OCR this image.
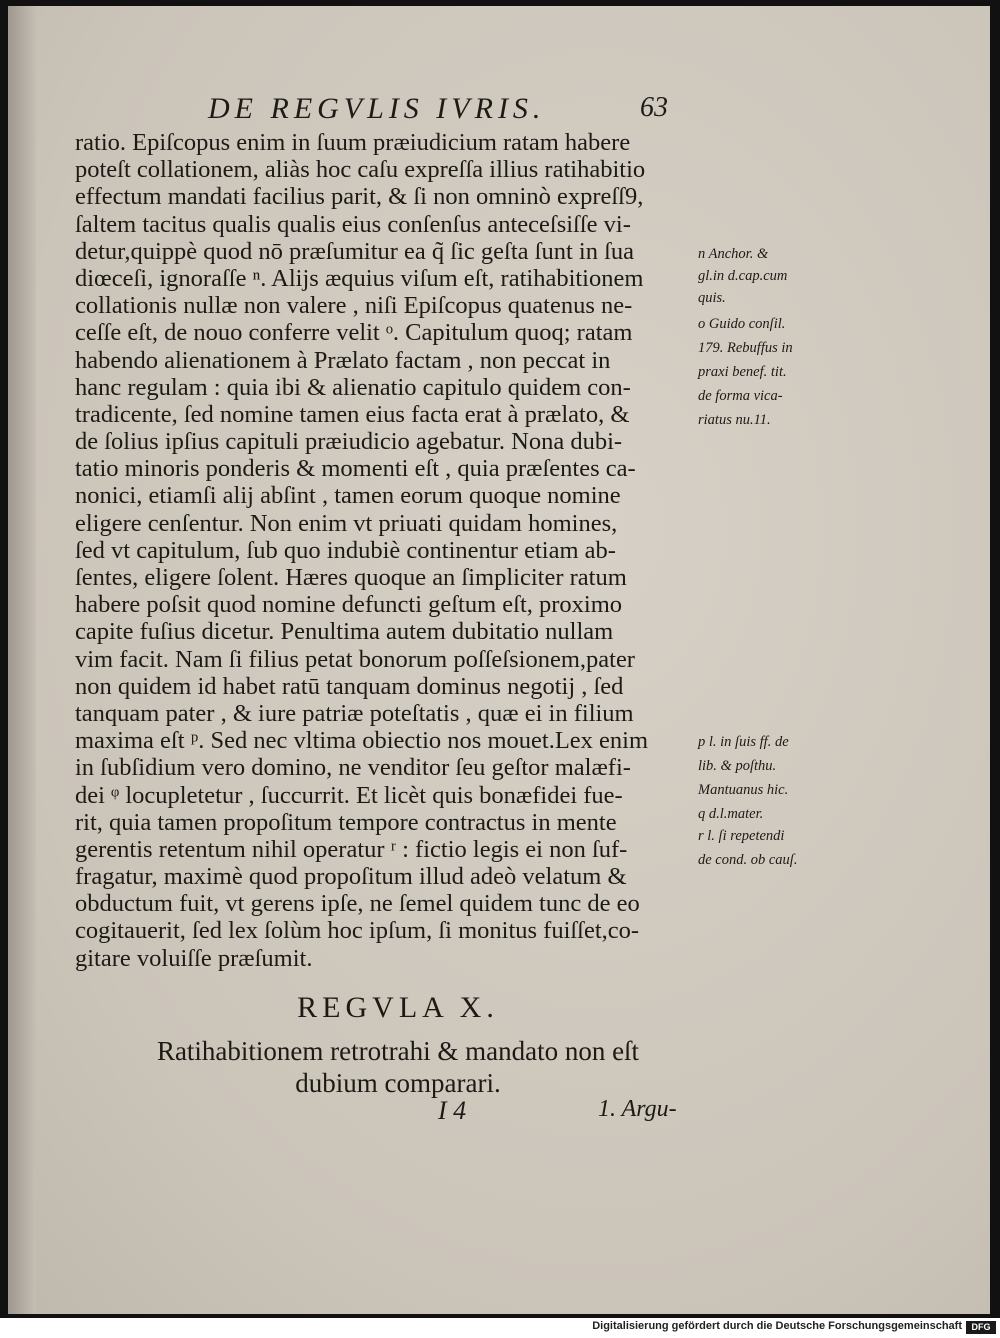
DE REGVLIS IVRIS.	63
ratio. Epiſcopus enim in ſuum præiudicium ratam habere
poteſt collationem, aliàs hoc caſu expreſſa illius ratihabitio
effectum mandati facilius parit, & ſi non omninò expreſſ9,
ſaltem tacitus qualis qualis eius conſenſus anteceſsiſſe vi-
detur,quippè quod nō præſumitur ea q̃ ſic geſta ſunt in ſua
diœceſi, ignoraſſe ⁿ. Alijs æquius viſum eſt, ratihabitionem
collationis nullæ non valere , niſi Epiſcopus quatenus ne-
ceſſe eſt, de nouo conferre velit ᵒ. Capitulum quoq; ratam
habendo alienationem à Prælato factam , non peccat in
hanc regulam : quia ibi & alienatio capitulo quidem con-
tradicente, ſed nomine tamen eius facta erat à prælato, &
de ſolius ipſius capituli præiudicio agebatur. Nona dubi-
tatio minoris ponderis & momenti eſt , quia præſentes ca-
nonici, etiamſi alij abſint , tamen eorum quoque nomine
eligere cenſentur. Non enim vt priuati quidam homines,
ſed vt capitulum, ſub quo indubiè continentur etiam ab-
ſentes, eligere ſolent. Hæres quoque an ſimpliciter ratum
habere poſsit quod nomine defuncti geſtum eſt, proximo
capite fuſius dicetur. Penultima autem dubitatio nullam
vim facit. Nam ſi filius petat bonorum poſſeſsionem,pater
non quidem id habet ratū tanquam dominus negotij , ſed
tanquam pater , & iure patriæ poteſtatis , quæ ei in filium
maxima eſt ᵖ. Sed nec vltima obiectio nos mouet.Lex enim
in ſubſidium vero domino, ne venditor ſeu geſtor malæfi-
dei ᵠ locupletetur , ſuccurrit. Et licèt quis bonæfidei fue-
rit, quia tamen propoſitum tempore contractus in mente
gerentis retentum nihil operatur ʳ : fictio legis ei non ſuf-
fragatur, maximè quod propoſitum illud adeò velatum &
obductum fuit, vt gerens ipſe, ne ſemel quidem tunc de eo
cogitauerit, ſed lex ſolùm hoc ipſum, ſi monitus fuiſſet,co-
gitare voluiſſe præſumit.
n Anchor. &
gl.in d.cap.cum
quis.
o Guido conſil.
179. Rebuffus in
praxi benef. tit.
de forma vica-
riatus nu.11.
p l. in ſuis ff. de
lib. & poſthu.
Mantuanus hic.
q d.l.mater.
r l. ſi repetendi
de cond. ob cauſ.
REGVLA X.
Ratihabitionem retrotrahi & mandato non eſt
dubium comparari.
I 4	1. Argu-
Digitalisierung gefördert durch die Deutsche Forschungsgemeinschaft	DFG
